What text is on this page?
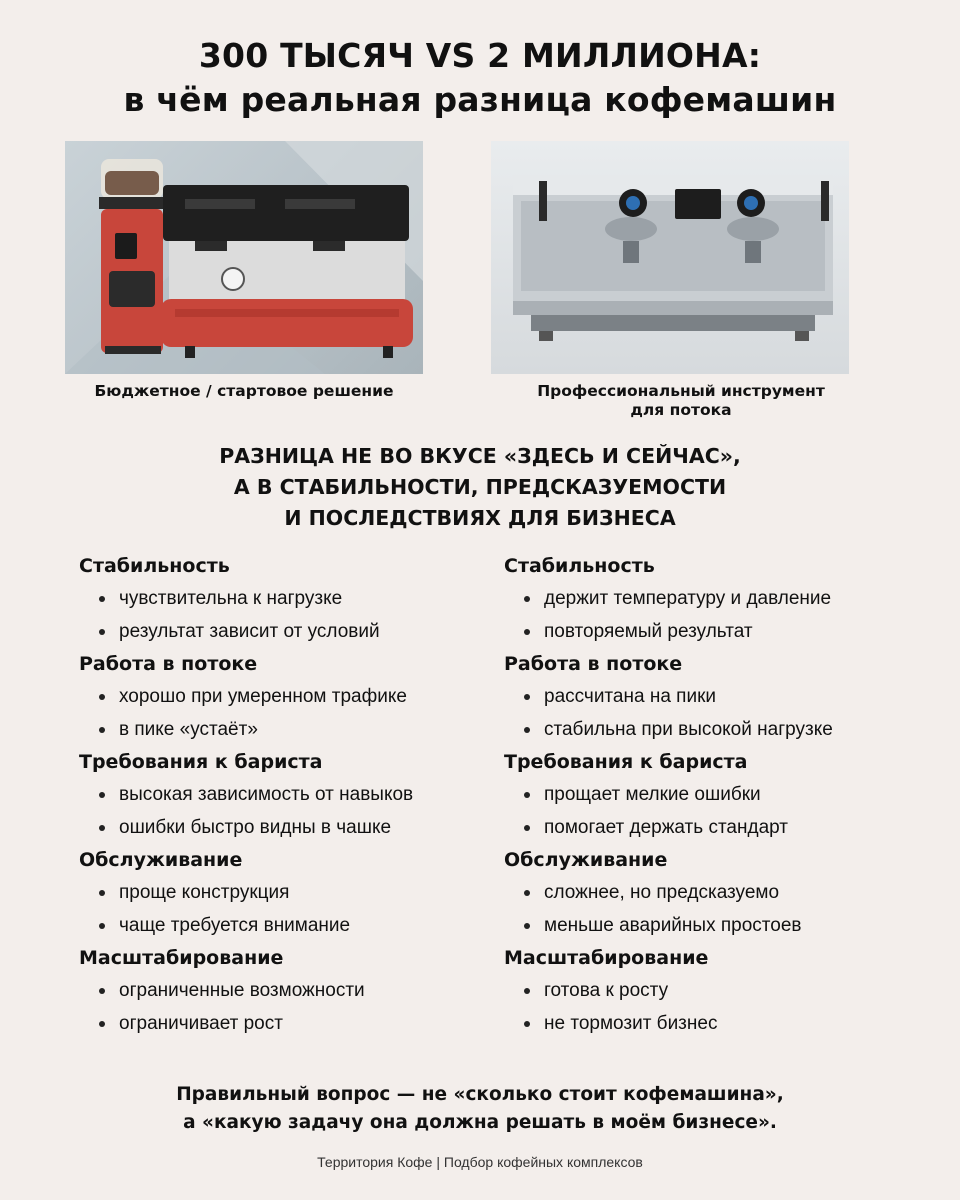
300 ТЫСЯЧ VS 2 МИЛЛИОНА:
в чём реальная разница кофемашин
Бюджетное / стартовое решение	Профессиональный инструмент
для потока
РАЗНИЦА НЕ ВО ВКУСЕ «ЗДЕСЬ И СЕЙЧАС»,
А В СТАБИЛЬНОСТИ, ПРЕДСКАЗУЕМОСТИ
И ПОСЛЕДСТВИЯХ ДЛЯ БИЗНЕСА
Стабильность
чувствительна к нагрузке
результат зависит от условий
Работа в потоке
хорошо при умеренном трафике
в пике «устаёт»
Требования к бариста
высокая зависимость от навыков
ошибки быстро видны в чашке
Обслуживание
проще конструкция
чаще требуется внимание
Масштабирование
ограниченные возможности
ограничивает рост
Стабильность
держит температуру и давление
повторяемый результат
Работа в потоке
рассчитана на пики
стабильна при высокой нагрузке
Требования к бариста
прощает мелкие ошибки
помогает держать стандарт
Обслуживание
сложнее, но предсказуемо
меньше аварийных простоев
Масштабирование
готова к росту
не тормозит бизнес
Правильный вопрос — не «сколько стоит кофемашина»,
а «какую задачу она должна решать в моём бизнесе».
Территория Кофе | Подбор кофейных комплексов
